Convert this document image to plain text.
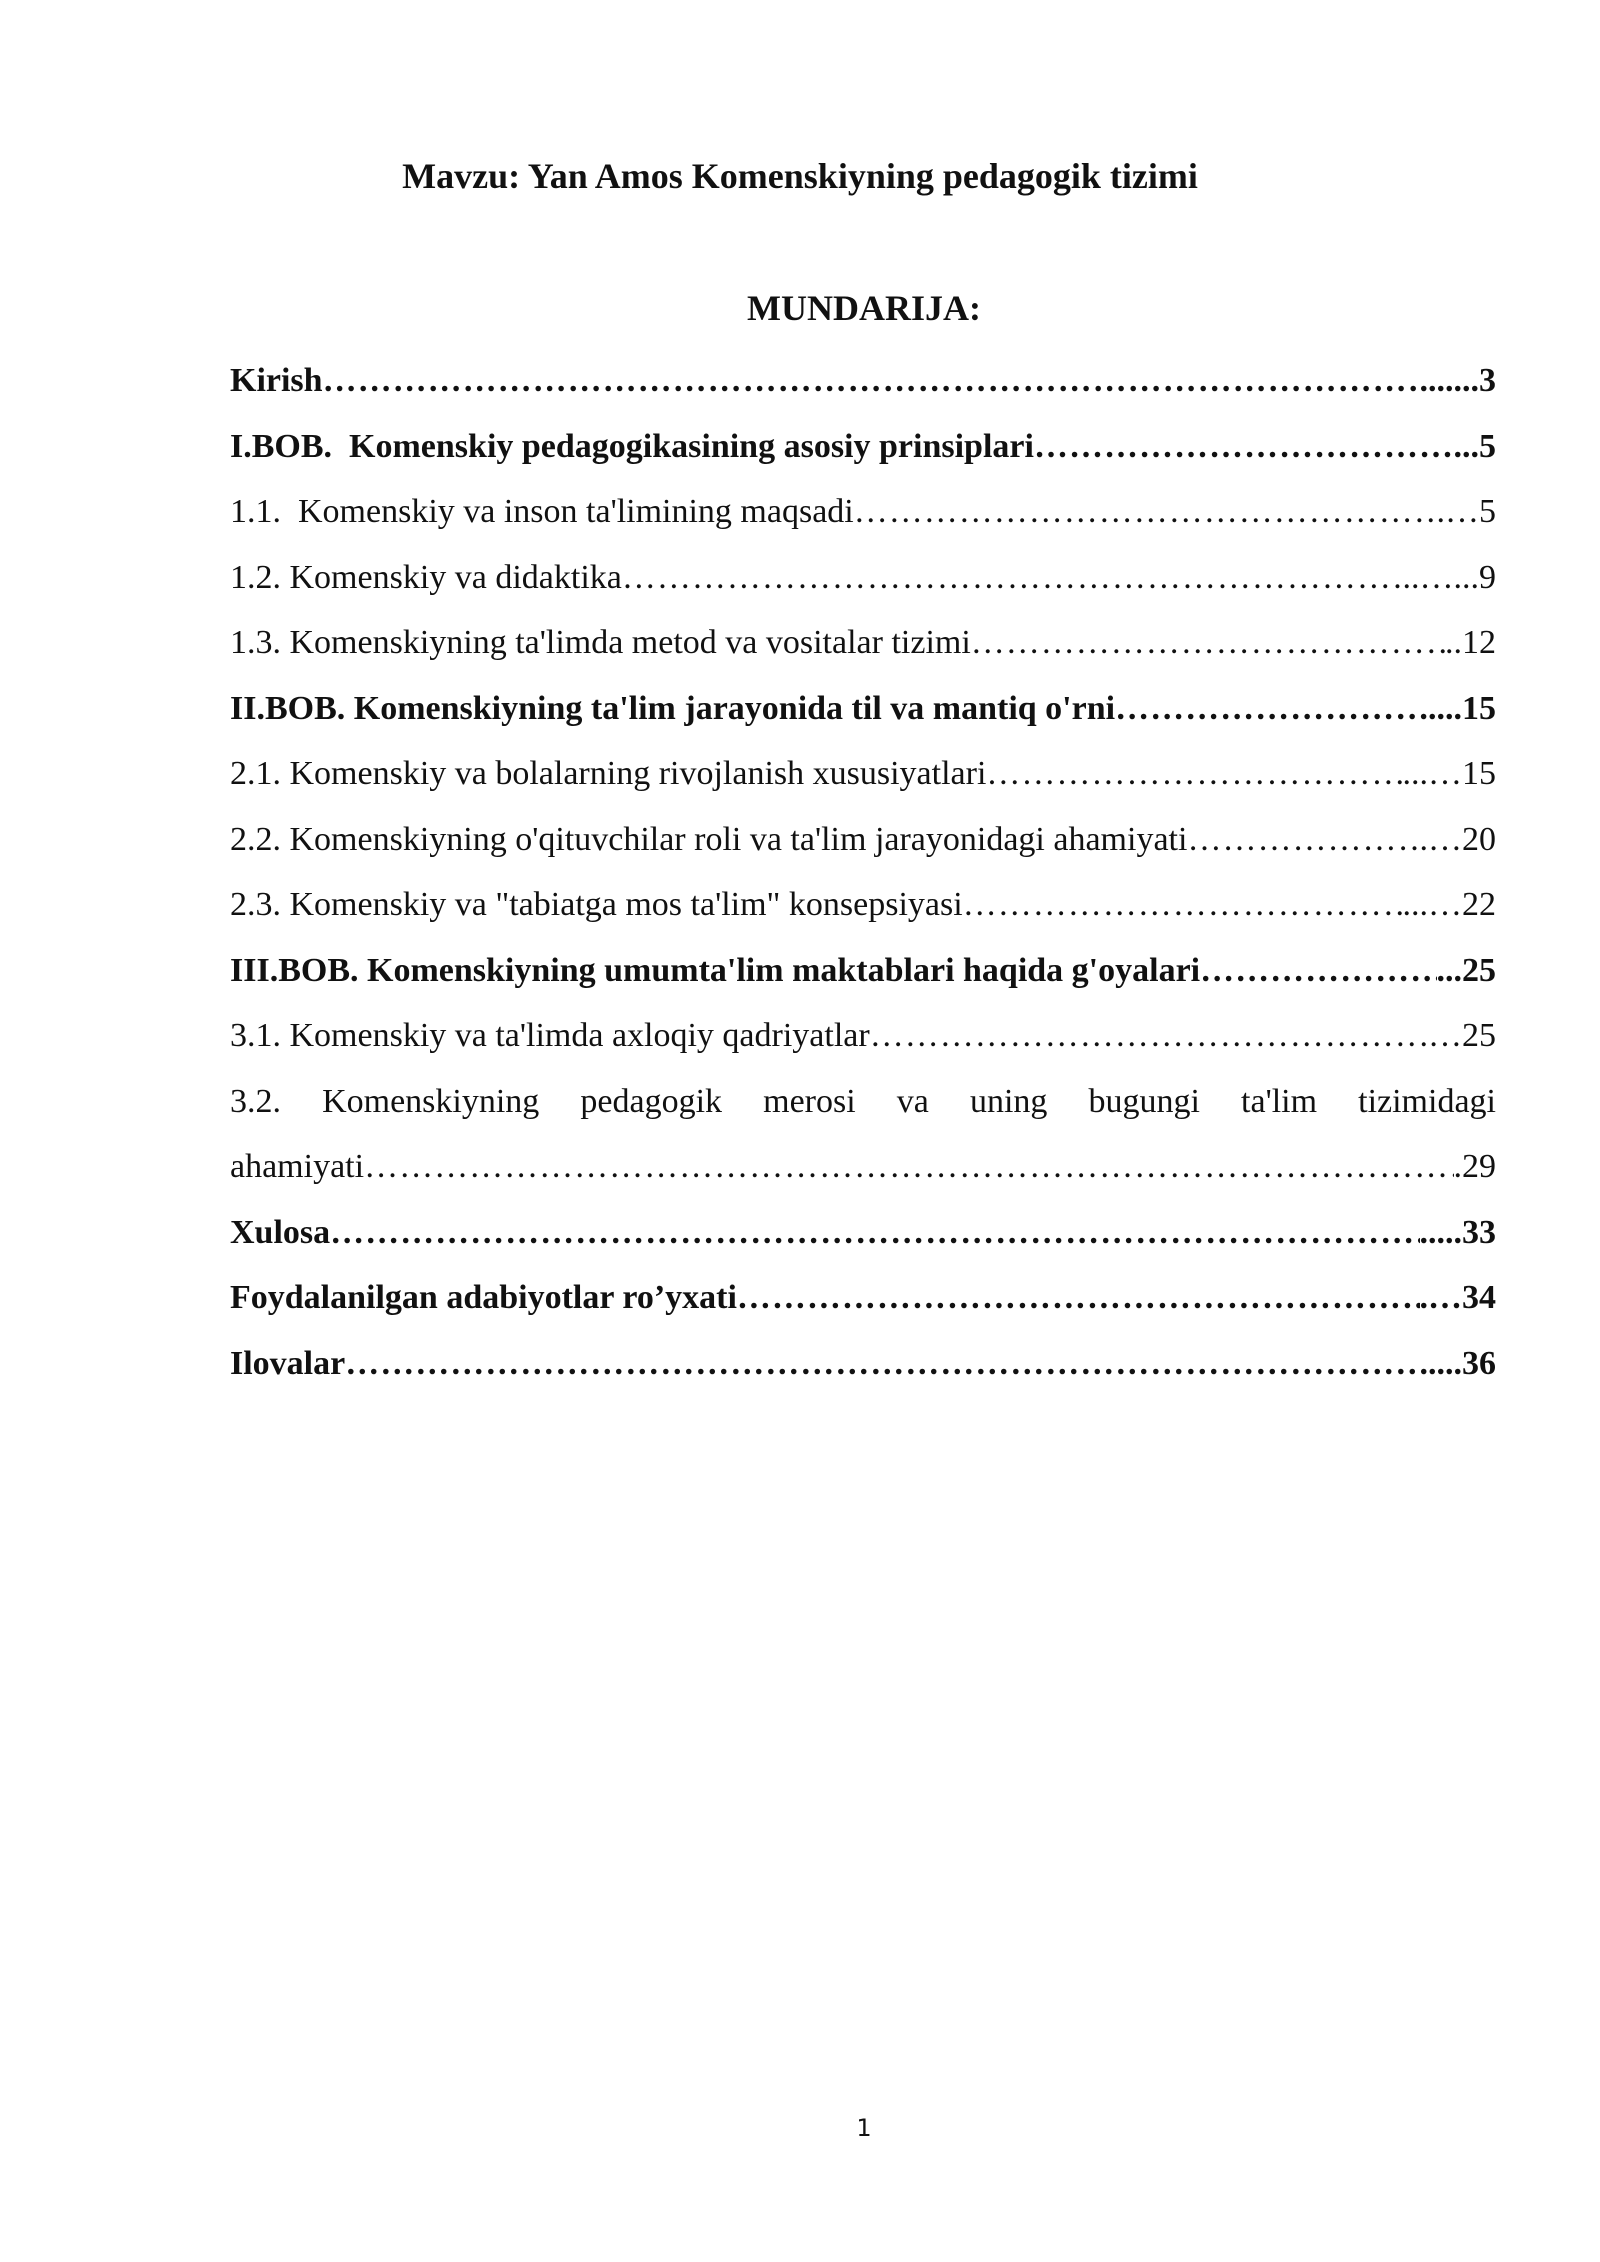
Mavzu: Yan Amos Komenskiyning pedagogik tizimi
MUNDARIJA:
Kirish ……………………………………………………………………………………………………………………………………………………………………	.......3
I.BOB.  Komenskiy pedagogikasining asosiy prinsiplari ……………………………………………………………………………………………………………………………………………………………………	...5
1.1.  Komenskiy va inson ta'limining maqsadi ……………………………………………………………………………………………………………………………………………………………………	.…5
1.2. Komenskiy va didaktika ……………………………………………………………………………………………………………………………………………………………………	..…...9
1.3. Komenskiyning ta'limda metod va vositalar tizimi ……………………………………………………………………………………………………………………………………………………………………	..12
II.BOB. Komenskiyning ta'lim jarayonida til va mantiq o'rni ……………………………………………………………………………………………………………………………………………………………………	....15
2.1. Komenskiy va bolalarning rivojlanish xususiyatlari ……………………………………………………………………………………………………………………………………………………………………	...…15
2.2. Komenskiyning o'qituvchilar roli va ta'lim jarayonidagi ahamiyati ……………………………………………………………………………………………………………………………………………………………………	.…20
2.3. Komenskiy va "tabiatga mos ta'lim" konsepsiyasi ……………………………………………………………………………………………………………………………………………………………………	...…22
III.BOB. Komenskiyning umumta'lim maktablari haqida g'oyalari ……………………………………………………………………………………………………………………………………………………………………	...25
3.1. Komenskiy va ta'limda axloqiy qadriyatlar ……………………………………………………………………………………………………………………………………………………………………	.…25
3.2.  Komenskiyning  pedagogik  merosi  va  uning  bugungi  ta'lim  tizimidagi
ahamiyati ……………………………………………………………………………………………………………………………………………………………………	.29
Xulosa ……………………………………………………………………………………………………………………………………………………………………	.....33
Foydalanilgan adabiyotlar ro’yxati ……………………………………………………………………………………………………………………………………………………………………	.…34
Ilovalar ……………………………………………………………………………………………………………………………………………………………………	....36
1
